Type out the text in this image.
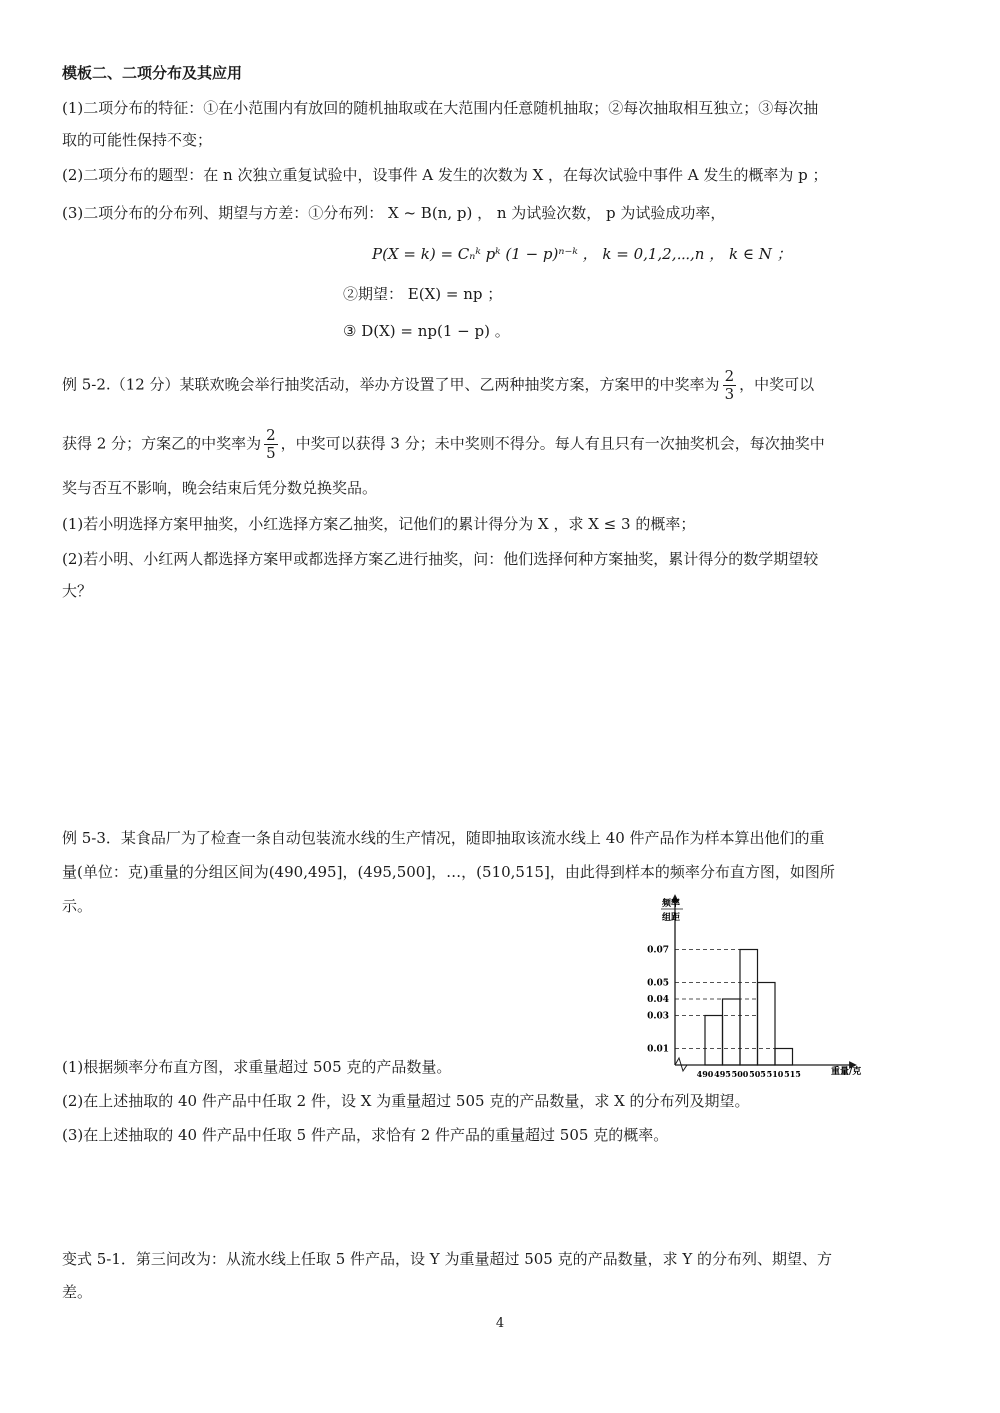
模板二、二项分布及其应用
(1)二项分布的特征：①在小范围内有放回的随机抽取或在大范围内任意随机抽取；②每次抽取相互独立；③每次抽
取的可能性保持不变；
(2)二项分布的题型：在 n 次独立重复试验中，设事件 A 发生的次数为 X ，在每次试验中事件 A 发生的概率为 p ；
(3)二项分布的分布列、期望与方差：①分布列： X ~ B(n, p) ， n 为试验次数， p 为试验成功率，
P(X = k) = Cₙᵏ pᵏ (1 − p)ⁿ⁻ᵏ ， k = 0,1,2,⋯,n ， k ∈ N ；
②期望： E(X) = np ；
③ D(X) = np(1 − p) 。
例 5-2.（12 分）某联欢晚会举行抽奖活动，举办方设置了甲、乙两种抽奖方案，方案甲的中奖率为 $\frac{2}{3}$ ，中奖可以
获得 2 分；方案乙的中奖率为 $\frac{2}{5}$ ，中奖可以获得 3 分；未中奖则不得分。每人有且只有一次抽奖机会，每次抽奖中
奖与否互不影响，晚会结束后凭分数兑换奖品。
(1)若小明选择方案甲抽奖，小红选择方案乙抽奖，记他们的累计得分为 X ，求 X ≤ 3 的概率；
(2)若小明、小红两人都选择方案甲或都选择方案乙进行抽奖，问：他们选择何种方案抽奖，累计得分的数学期望较
大？
例 5-3．某食品厂为了检查一条自动包装流水线的生产情况，随即抽取该流水线上 40 件产品作为样本算出他们的重
量(单位：克)重量的分组区间为(490,495]，(495,500]，…，(510,515]，由此得到样本的频率分布直方图，如图所
示。	频率
组距
重量/克
0.07
0.05
0.04
0.03
0.01
490 495 500 505 510 515
(1)根据频率分布直方图，求重量超过 505 克的产品数量。
(2)在上述抽取的 40 件产品中任取 2 件，设 X 为重量超过 505 克的产品数量，求 X 的分布列及期望。
(3)在上述抽取的 40 件产品中任取 5 件产品，求恰有 2 件产品的重量超过 505 克的概率。
变式 5-1．第三问改为：从流水线上任取 5 件产品，设 Y 为重量超过 505 克的产品数量，求 Y 的分布列、期望、方
差。
4
